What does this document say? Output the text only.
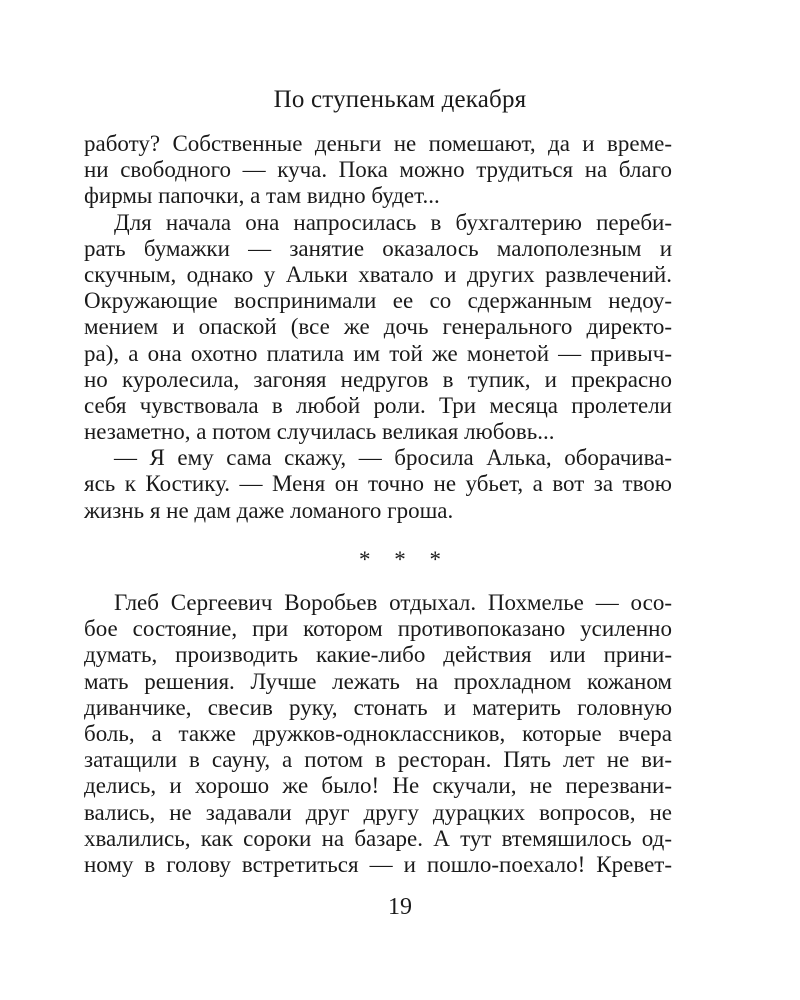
По ступенькам декабря
работу? Собственные деньги не помешают, да и време-
ни свободного — куча. Пока можно трудиться на благо
фирмы папочки, а там видно будет...
Для начала она напросилась в бухгалтерию переби-
рать бумажки — занятие оказалось малополезным и
скучным, однако у Альки хватало и других развлечений.
Окружающие воспринимали ее со сдержанным недоу-
мением и опаской (все же дочь генерального директо-
ра), а она охотно платила им той же монетой — привыч-
но куролесила, загоняя недругов в тупик, и прекрасно
себя чувствовала в любой роли. Три месяца пролетели
незаметно, а потом случилась великая любовь...
— Я ему сама скажу, — бросила Алька, оборачива-
ясь к Костику. — Меня он точно не убьет, а вот за твою
жизнь я не дам даже ломаного гроша.
* * *
Глеб Сергеевич Воробьев отдыхал. Похмелье — осо-
бое состояние, при котором противопоказано усиленно
думать, производить какие-либо действия или прини-
мать решения. Лучше лежать на прохладном кожаном
диванчике, свесив руку, стонать и материть головную
боль, а также дружков-одноклассников, которые вчера
затащили в сауну, а потом в ресторан. Пять лет не ви-
делись, и хорошо же было! Не скучали, не перезвани-
вались, не задавали друг другу дурацких вопросов, не
хвалились, как сороки на базаре. А тут втемяшилось од-
ному в голову встретиться — и пошло-поехало! Кревет-
19
